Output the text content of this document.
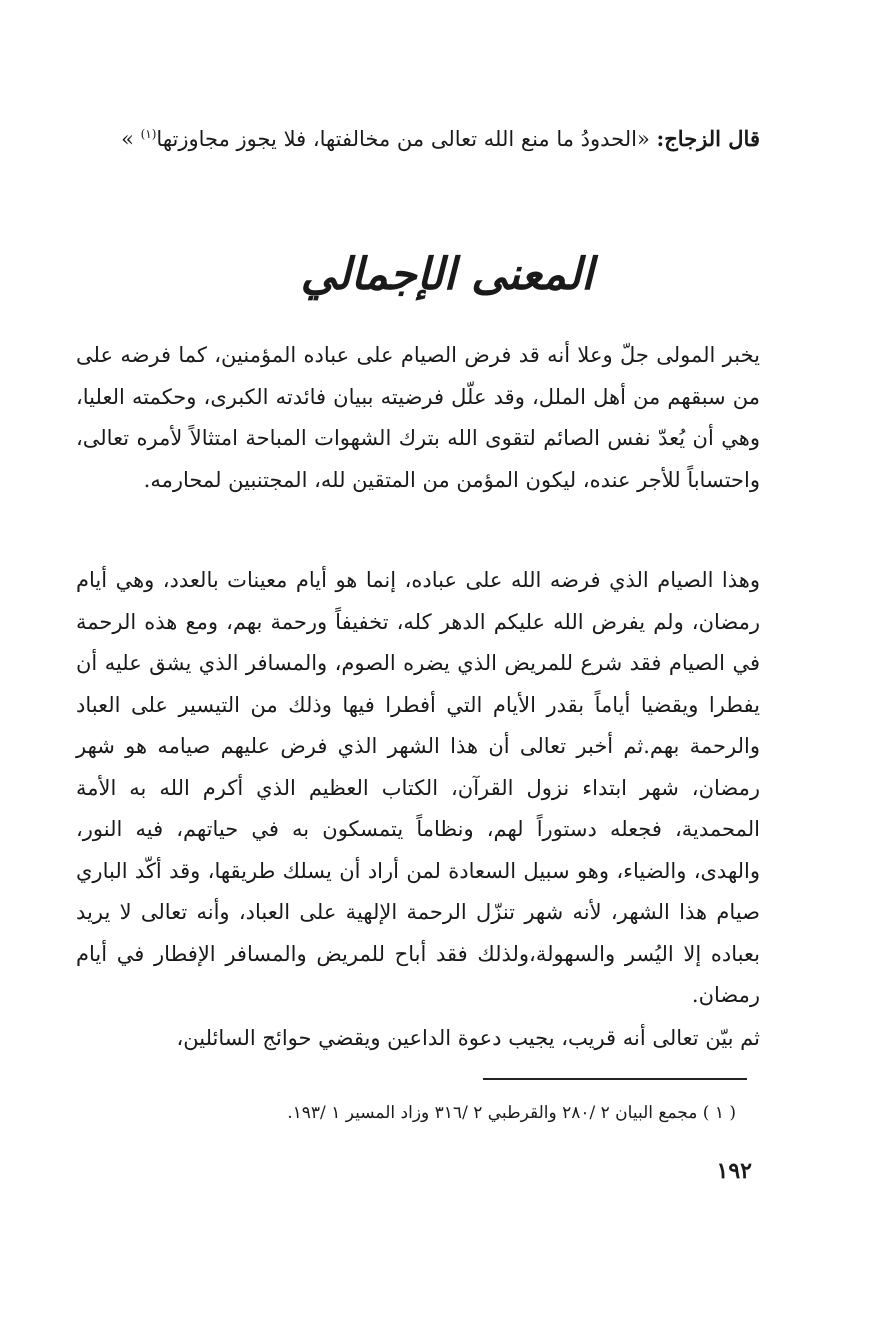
قال الزجاج: «الحدودُ ما منع الله تعالى من مخالفتها، فلا يجوز مجاوزتها$^{(١)}$ »
المعنى الإجمالي
يخبر المولى جلّ وعلا أنه قد فرض الصيام على عباده المؤمنين، كما فرضه على من سبقهم من أهل الملل، وقد علّل فرضيته ببيان فائدته الكبرى، وحكمته العليا، وهي أن يُعدّ نفس الصائم لتقوى الله بترك الشهوات المباحة امتثالاً لأمره تعالى، واحتساباً للأجر عنده، ليكون المؤمن من المتقين لله، المجتنبين لمحارمه.
وهذا الصيام الذي فرضه الله على عباده، إنما هو أيام معينات بالعدد، وهي أيام رمضان، ولم يفرض الله عليكم الدهر كله، تخفيفاً ورحمة بهم، ومع هذه الرحمة في الصيام فقد شرع للمريض الذي يضره الصوم، والمسافر الذي يشق عليه أن يفطرا ويقضيا أياماً بقدر الأيام التي أفطرا فيها وذلك من التيسير على العباد والرحمة بهم.ثم أخبر تعالى أن هذا الشهر الذي فرض عليهم صيامه هو شهر رمضان، شهر ابتداء نزول القرآن، الكتاب العظيم الذي أكرم الله به الأمة المحمدية، فجعله دستوراً لهم، ونظاماً يتمسكون به في حياتهم، فيه النور، والهدى، والضياء، وهو سبيل السعادة لمن أراد أن يسلك طريقها، وقد أكّد الباري صيام هذا الشهر، لأنه شهر تنزّل الرحمة الإلهية على العباد، وأنه تعالى لا يريد بعباده إلا اليُسر والسهولة،ولذلك فقد أباح للمريض والمسافر الإفطار في أيام رمضان.
ثم بيّن تعالى أنه قريب، يجيب دعوة الداعين ويقضي حوائج السائلين،
( ١ ) مجمع البيان ٢ /٢٨٠ والقرطبي ٢ /٣١٦ وزاد المسير ١ /١٩٣.
١٩٢
